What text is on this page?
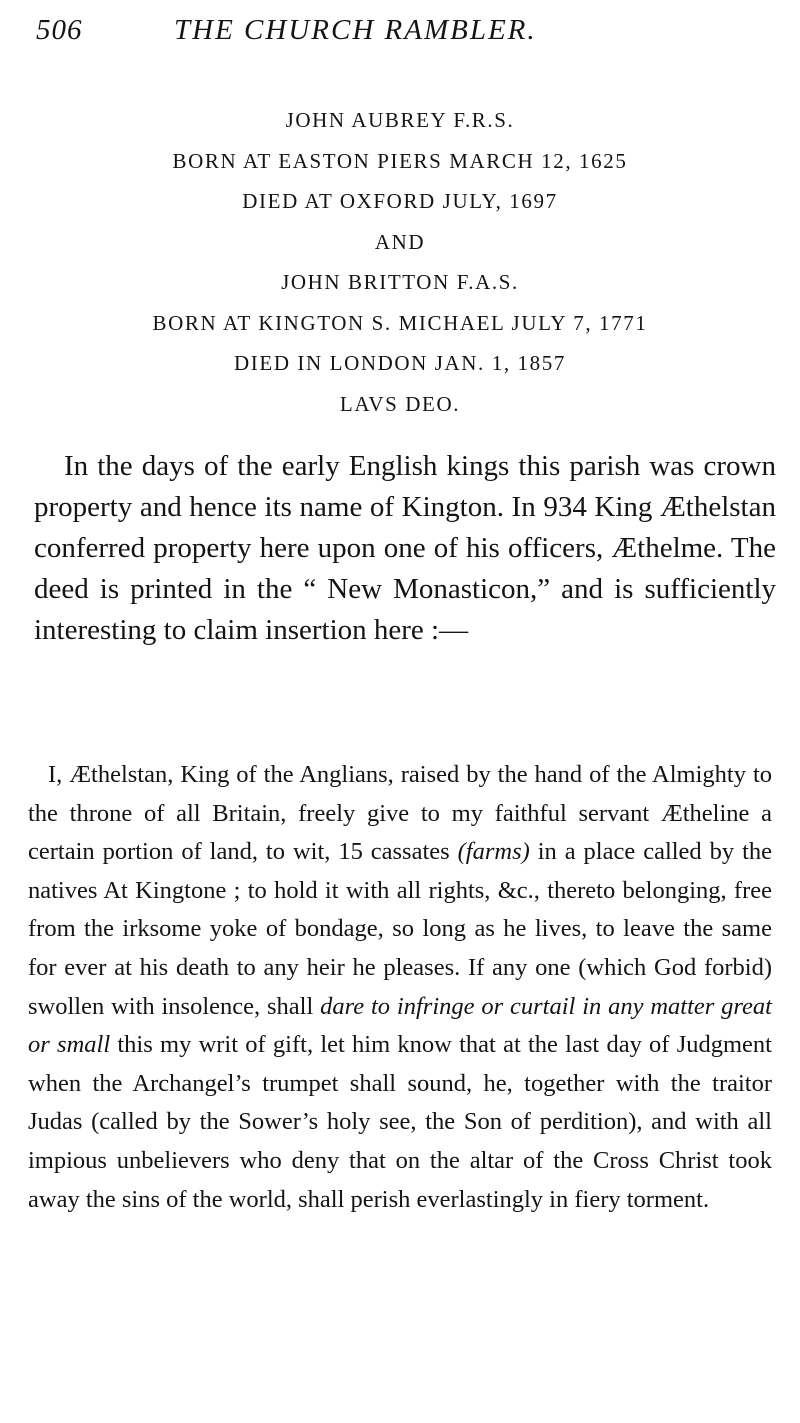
506	THE CHURCH RAMBLER.
JOHN AUBREY F.R.S.
BORN AT EASTON PIERS MARCH 12, 1625
DIED AT OXFORD JULY, 1697
AND
JOHN BRITTON F.A.S.
BORN AT KINGTON S. MICHAEL JULY 7, 1771
DIED IN LONDON JAN. 1, 1857
LAVS DEO.

In the days of the early English kings this parish was crown property and hence its name of Kington. In 934 King Æthelstan conferred property here upon one of his officers, Æthelme. The deed is printed in the “ New Monasticon,” and is sufficiently interesting to claim insertion here :—

I, Æthelstan, King of the Anglians, raised by the hand of the Almighty to the throne of all Britain, freely give to my faithful servant Ætheline a certain portion of land, to wit, 15 cassates (farms) in a place called by the natives At Kingtone ; to hold it with all rights, &c., thereto belonging, free from the irksome yoke of bondage, so long as he lives, to leave the same for ever at his death to any heir he pleases. If any one (which God forbid) swollen with insolence, shall dare to infringe or curtail in any matter great or small this my writ of gift, let him know that at the last day of Judgment when the Archangel’s trumpet shall sound, he, together with the traitor Judas (called by the Sower’s holy see, the Son of perdition), and with all impious unbelievers who deny that on the altar of the Cross Christ took away the sins of the world, shall perish everlastingly in fiery torment.
